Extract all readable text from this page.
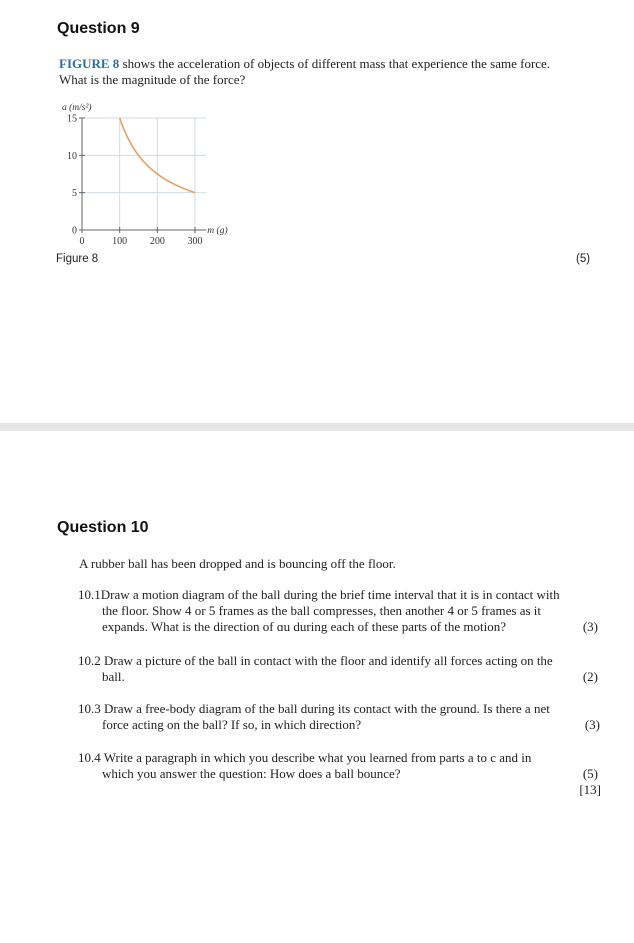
Question 9
FIGURE 8 shows the acceleration of objects of different mass that experience the same force.
What is the magnitude of the force?
0
5
10
15
0	100 200 300
a (m/s²)
m (g)
Figure 8	(5)
Question 10
A rubber ball has been dropped and is bouncing off the floor.
10.1Draw a motion diagram of the ball during the brief time interval that it is in contact with
the floor. Show 4 or 5 frames as the ball compresses, then another 4 or 5 frames as it
expands. What is the direction of ɑu during each of these parts of the motion?	(3)
10.2 Draw a picture of the ball in contact with the floor and identify all forces acting on the
ball.	(2)
10.3 Draw a free-body diagram of the ball during its contact with the ground. Is there a net
force acting on the ball? If so, in which direction?	(3)
10.4 Write a paragraph in which you describe what you learned from parts a to c and in
which you answer the question: How does a ball bounce?	(5)
[13]
